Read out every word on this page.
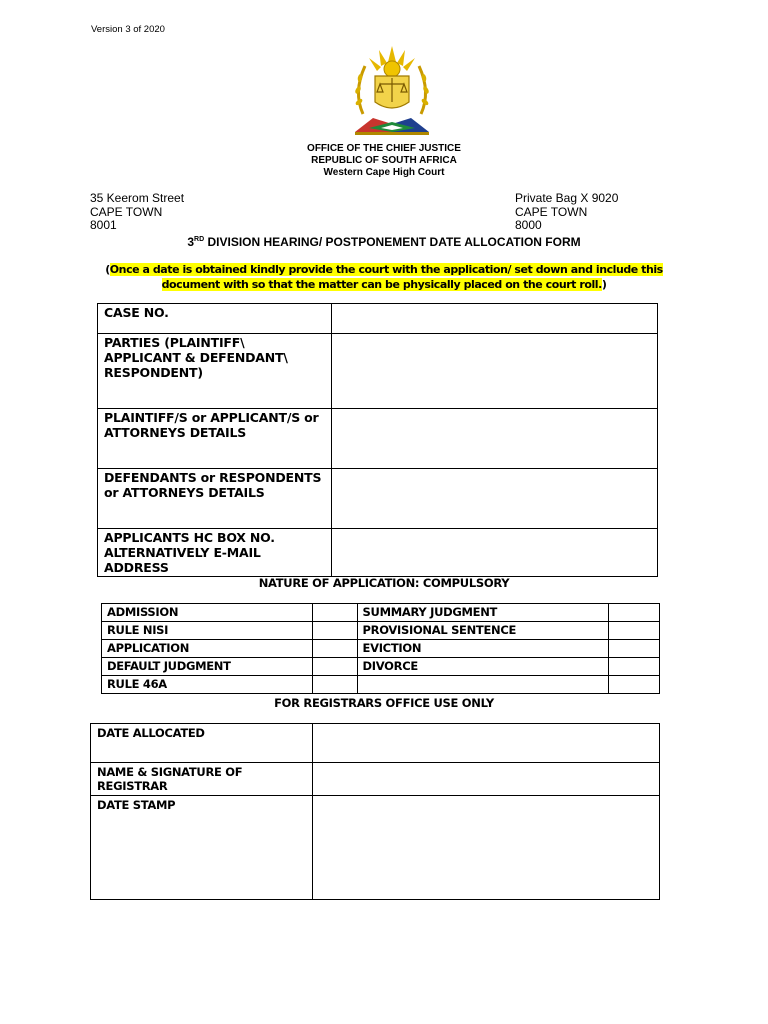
Version 3 of 2020
OFFICE OF THE CHIEF JUSTICE
REPUBLIC OF SOUTH AFRICA
Western Cape High Court
35 Keerom Street
CAPE TOWN
8001
Private Bag X 9020
CAPE TOWN
8000
3RD DIVISION HEARING/ POSTPONEMENT DATE ALLOCATION FORM
(Once a date is obtained kindly provide the court with the application/ set down and include this document with so that the matter can be physically placed on the court roll.)
CASE NO.	
PARTIES (PLAINTIFF\ APPLICANT & DEFENDANT\ RESPONDENT)	
PLAINTIFF/S or APPLICANT/S or ATTORNEYS DETAILS	
DEFENDANTS or RESPONDENTS or ATTORNEYS DETAILS	
APPLICANTS HC BOX NO. ALTERNATIVELY E-MAIL ADDRESS	
NATURE OF APPLICATION: COMPULSORY
ADMISSION		SUMMARY JUDGMENT	
RULE NISI		PROVISIONAL SENTENCE	
APPLICATION		EVICTION	
DEFAULT JUDGMENT		DIVORCE	
RULE 46A			
FOR REGISTRARS OFFICE USE ONLY
DATE ALLOCATED	
NAME & SIGNATURE OF REGISTRAR	
DATE STAMP	
